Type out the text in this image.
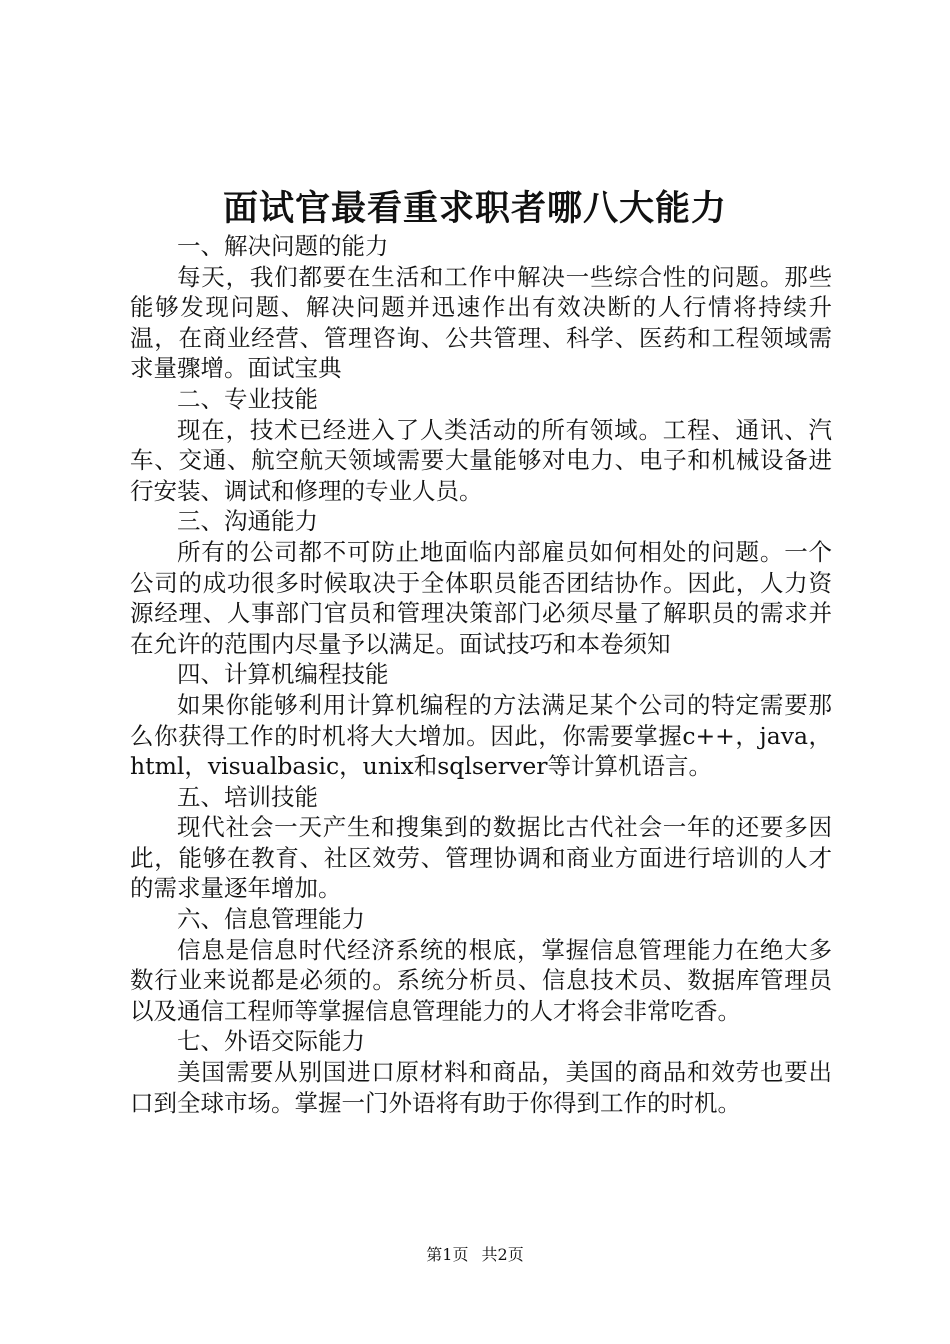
面试官最看重求职者哪八大能力

一、解决问题的能力

每天，我们都要在生活和工作中解决一些综合性的问题。那些能够发现问题、解决问题并迅速作出有效决断的人行情将持续升温，在商业经营、管理咨询、公共管理、科学、医药和工程领域需求量骤增。面试宝典

二、专业技能

现在，技术已经进入了人类活动的所有领域。工程、通讯、汽车、交通、航空航天领域需要大量能够对电力、电子和机械设备进行安装、调试和修理的专业人员。

三、沟通能力

所有的公司都不可防止地面临内部雇员如何相处的问题。一个公司的成功很多时候取决于全体职员能否团结协作。因此，人力资源经理、人事部门官员和管理决策部门必须尽量了解职员的需求并在允许的范围内尽量予以满足。面试技巧和本卷须知

四、计算机编程技能

如果你能够利用计算机编程的方法满足某个公司的特定需要那么你获得工作的时机将大大增加。因此，你需要掌握c++，java，html，visualbasic，unix和sqlserver等计算机语言。

五、培训技能

现代社会一天产生和搜集到的数据比古代社会一年的还要多因此，能够在教育、社区效劳、管理协调和商业方面进行培训的人才的需求量逐年增加。

六、信息管理能力

信息是信息时代经济系统的根底，掌握信息管理能力在绝大多数行业来说都是必须的。系统分析员、信息技术员、数据库管理员以及通信工程师等掌握信息管理能力的人才将会非常吃香。

七、外语交际能力

美国需要从别国进口原材料和商品，美国的商品和效劳也要出口到全球市场。掌握一门外语将有助于你得到工作的时机。

第1页 共2页
